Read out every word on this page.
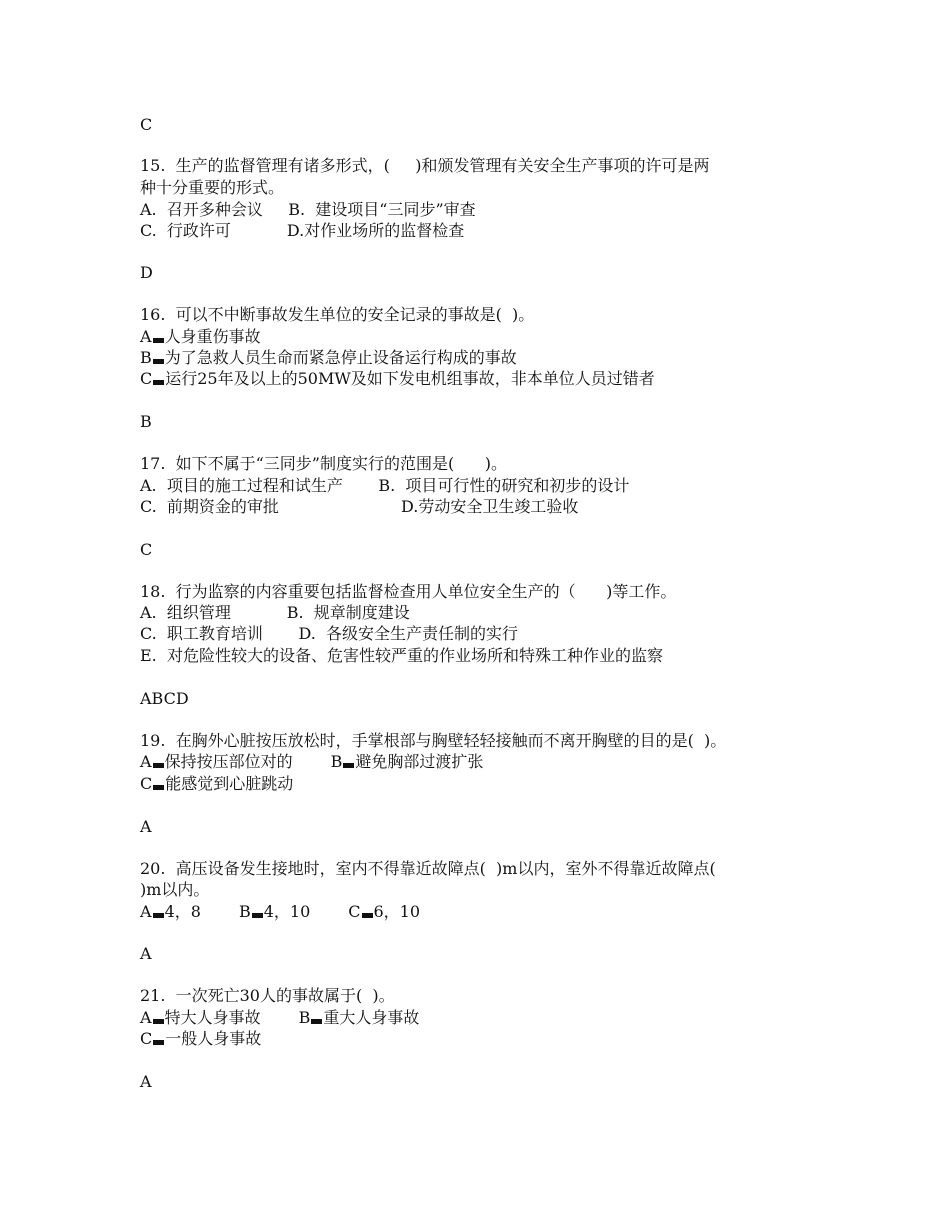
C
15.  生产的监督管理有诸多形式，(     )和颁发管理有关安全生产事项的许可是两
种十分重要的形式。
A.  召开多种会议     B.  建设项目“三同步”审查
C.  行政许可           D.对作业场所的监督检查
D
16.  可以不中断事故发生单位的安全记录的事故是(  )。
A 人身重伤事故
B 为了急救人员生命而紧急停止设备运行构成的事故
C 运行25年及以上的50MW及如下发电机组事故，非本单位人员过错者
B
17.  如下不属于“三同步”制度实行的范围是(      )。
A.  项目的施工过程和试生产       B.  项目可行性的研究和初步的设计
C.  前期资金的审批                        D.劳动安全卫生竣工验收
C
18.  行为监察的内容重要包括监督检查用人单位安全生产的（      )等工作。
A.  组织管理           B.  规章制度建设
C.  职工教育培训       D.  各级安全生产责任制的实行
E.  对危险性较大的设备、危害性较严重的作业场所和特殊工种作业的监察
ABCD
19.  在胸外心脏按压放松时，手掌根部与胸壁轻轻接触而不离开胸壁的目的是(  )。
A 保持按压部位对的 B 避免胸部过渡扩张
C 能感觉到心脏跳动
A
20.  高压设备发生接地时，室内不得靠近故障点(  )m以内，室外不得靠近故障点(
)m以内。
A 4，8 B 4，10 C 6，10
A
21.  一次死亡30人的事故属于(  )。
A 特大人身事故 B 重大人身事故
C 一般人身事故
A
